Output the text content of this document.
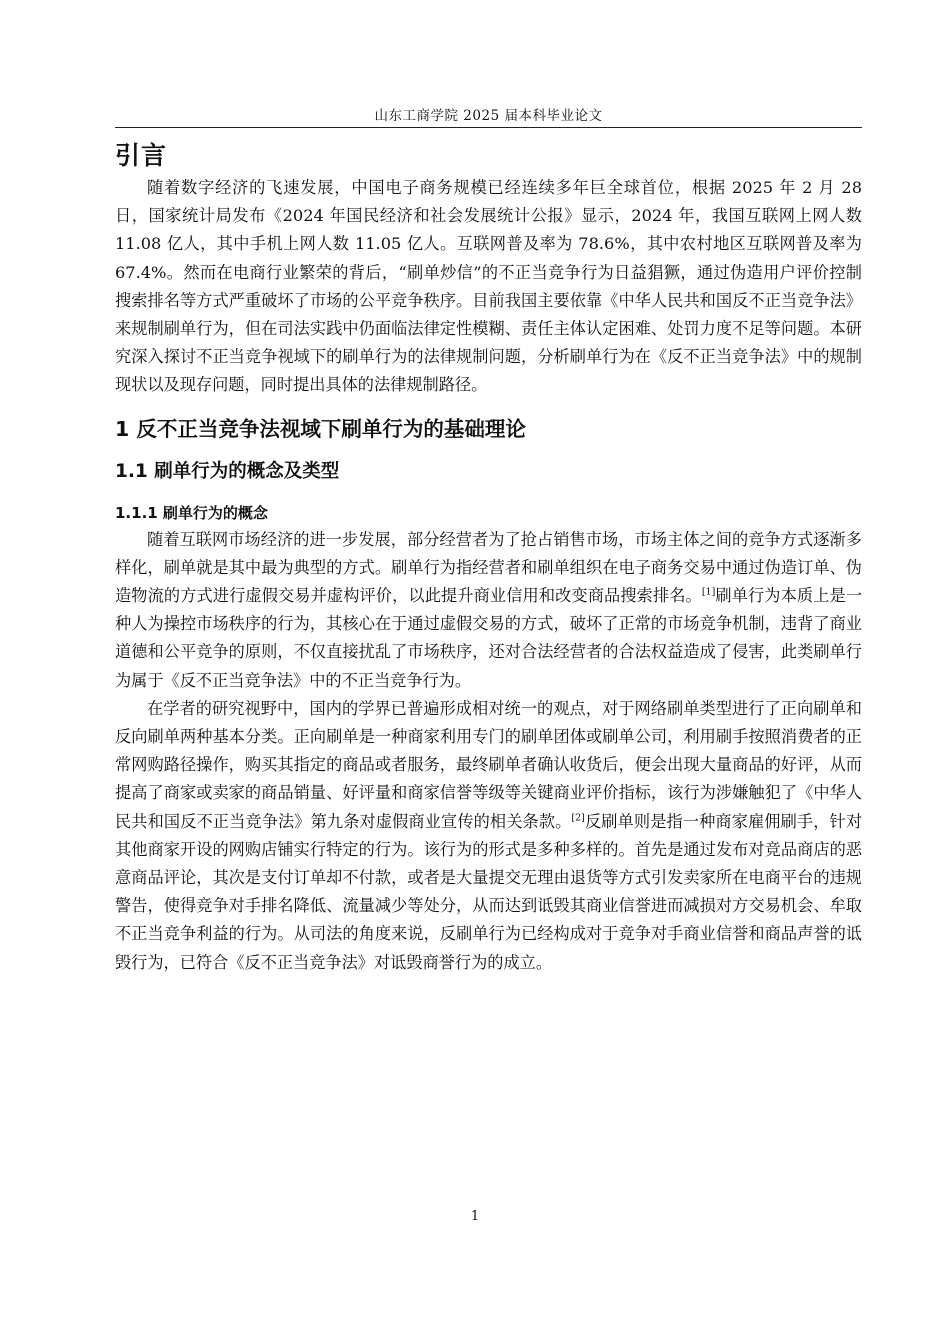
山东工商学院 2025 届本科毕业论文
引言

随着数字经济的飞速发展，中国电子商务规模已经连续多年巨全球首位，根据 2025 年 2 月 28 日，国家统计局发布《2024 年国民经济和社会发展统计公报》显示，2024 年，我国互联网上网人数 11.08 亿人，其中手机上网人数 11.05 亿人。互联网普及率为 78.6%，其中农村地区互联网普及率为 67.4%。然而在电商行业繁荣的背后，“刷单炒信”的不正当竞争行为日益猖獗，通过伪造用户评价控制搜索排名等方式严重破坏了市场的公平竞争秩序。目前我国主要依靠《中华人民共和国反不正当竞争法》来规制刷单行为，但在司法实践中仍面临法律定性模糊、责任主体认定困难、处罚力度不足等问题。本研究深入探讨不正当竞争视域下的刷单行为的法律规制问题，分析刷单行为在《反不正当竞争法》中的规制现状以及现存问题，同时提出具体的法律规制路径。

1 反不正当竞争法视域下刷单行为的基础理论
1.1 刷单行为的概念及类型
1.1.1 刷单行为的概念

随着互联网市场经济的进一步发展，部分经营者为了抢占销售市场，市场主体之间的竞争方式逐渐多样化，刷单就是其中最为典型的方式。刷单行为指经营者和刷单组织在电子商务交易中通过伪造订单、伪造物流的方式进行虚假交易并虚构评价，以此提升商业信用和改变商品搜索排名。[1]刷单行为本质上是一种人为操控市场秩序的行为，其核心在于通过虚假交易的方式，破坏了正常的市场竞争机制，违背了商业道德和公平竞争的原则，不仅直接扰乱了市场秩序，还对合法经营者的合法权益造成了侵害，此类刷单行为属于《反不正当竞争法》中的不正当竞争行为。

在学者的研究视野中，国内的学界已普遍形成相对统一的观点，对于网络刷单类型进行了正向刷单和反向刷单两种基本分类。正向刷单是一种商家利用专门的刷单团体或刷单公司，利用刷手按照消费者的正常网购路径操作，购买其指定的商品或者服务，最终刷单者确认收货后，便会出现大量商品的好评，从而提高了商家或卖家的商品销量、好评量和商家信誉等级等关键商业评价指标，该行为涉嫌触犯了《中华人民共和国反不正当竞争法》第九条对虚假商业宣传的相关条款。[2]反刷单则是指一种商家雇佣刷手，针对其他商家开设的网购店铺实行特定的行为。该行为的形式是多种多样的。首先是通过发布对竞品商店的恶意商品评论，其次是支付订单却不付款，或者是大量提交无理由退货等方式引发卖家所在电商平台的违规警告，使得竞争对手排名降低、流量减少等处分，从而达到诋毁其商业信誉进而减损对方交易机会、牟取不正当竞争利益的行为。从司法的角度来说，反刷单行为已经构成对于竞争对手商业信誉和商品声誉的诋毁行为，已符合《反不正当竞争法》对诋毁商誉行为的成立。

1
